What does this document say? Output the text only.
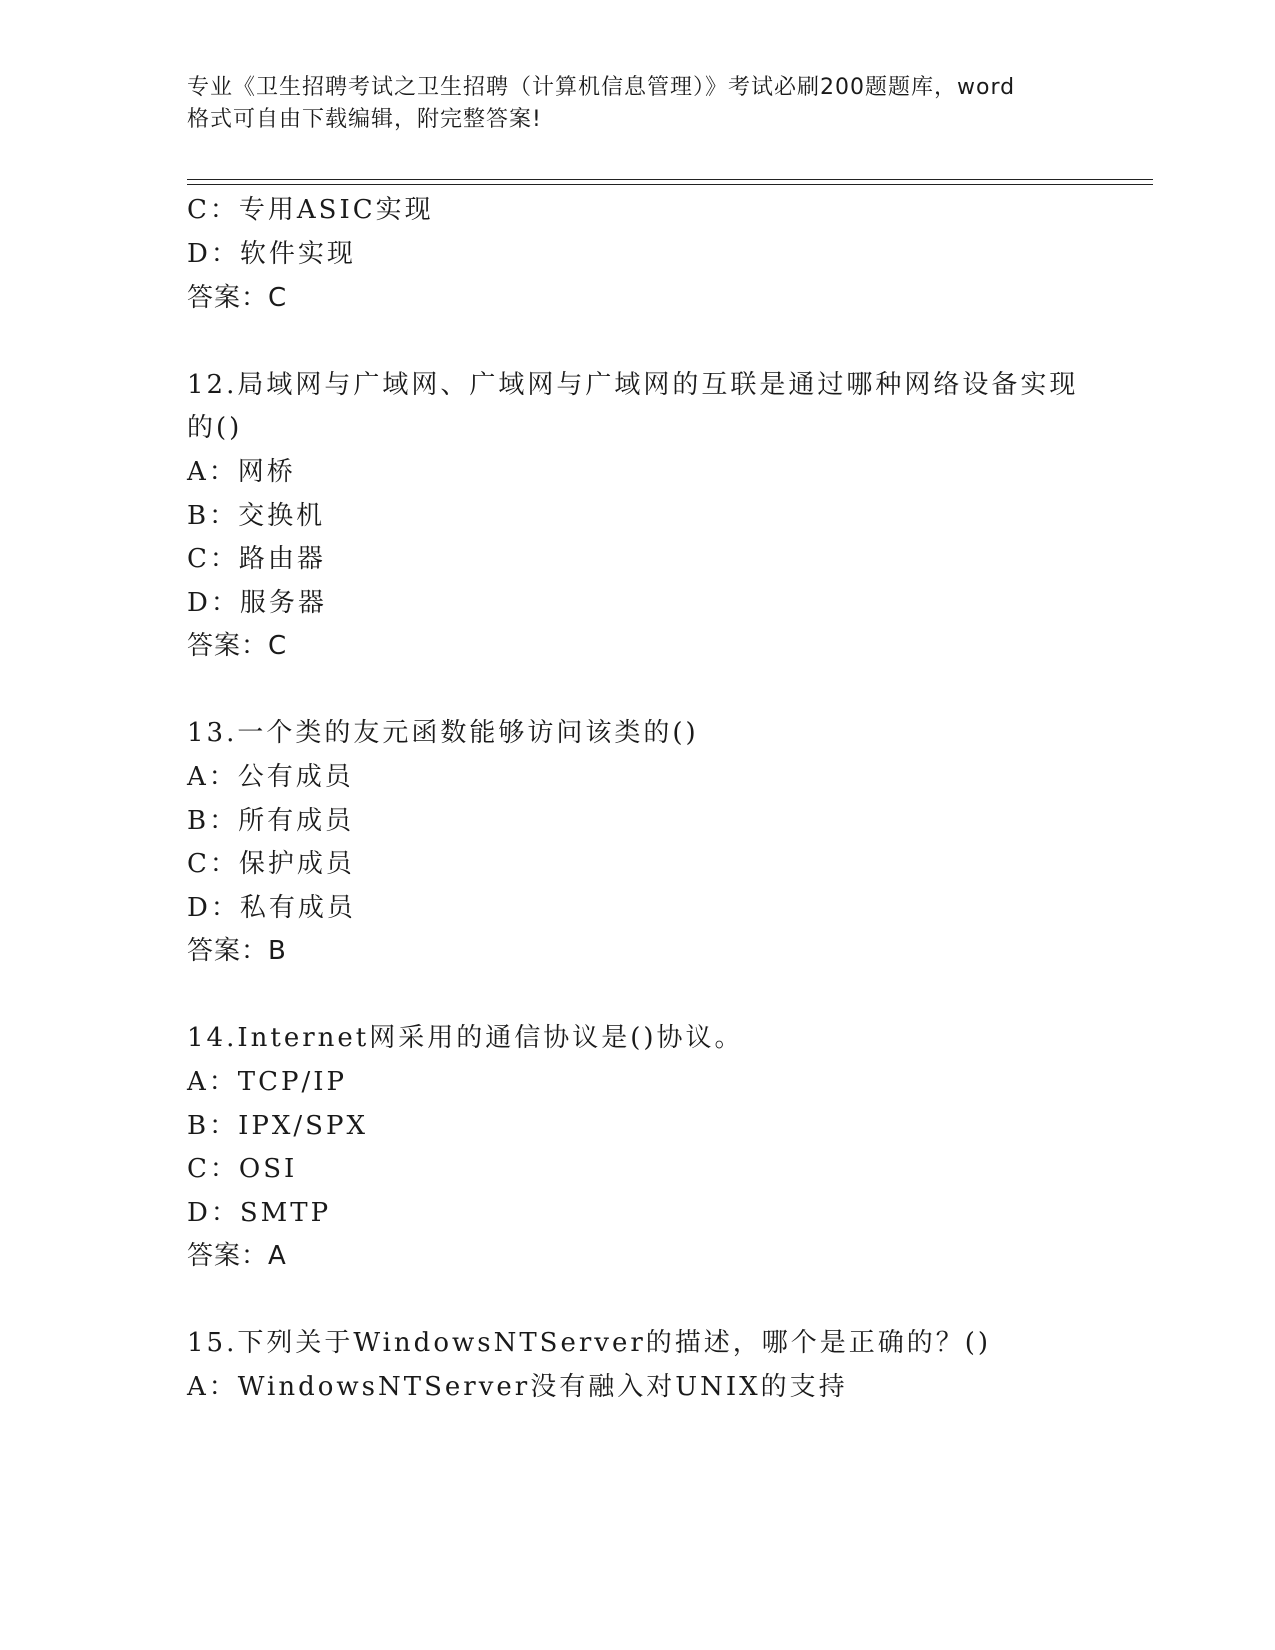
专业《卫生招聘考试之卫生招聘（计算机信息管理）》考试必刷200题题库，word
格式可自由下载编辑，附完整答案!
C：专用ASIC实现
D：软件实现
答案：C
12.局域网与广域网、广域网与广域网的互联是通过哪种网络设备实现
的()
A：网桥
B：交换机
C：路由器
D：服务器
答案：C
13.一个类的友元函数能够访问该类的()
A：公有成员
B：所有成员
C：保护成员
D：私有成员
答案：B
14.Internet网采用的通信协议是()协议。
A：TCP/IP
B：IPX/SPX
C：OSI
D：SMTP
答案：A
15.下列关于WindowsNTServer的描述，哪个是正确的？()
A：WindowsNTServer没有融入对UNIX的支持
